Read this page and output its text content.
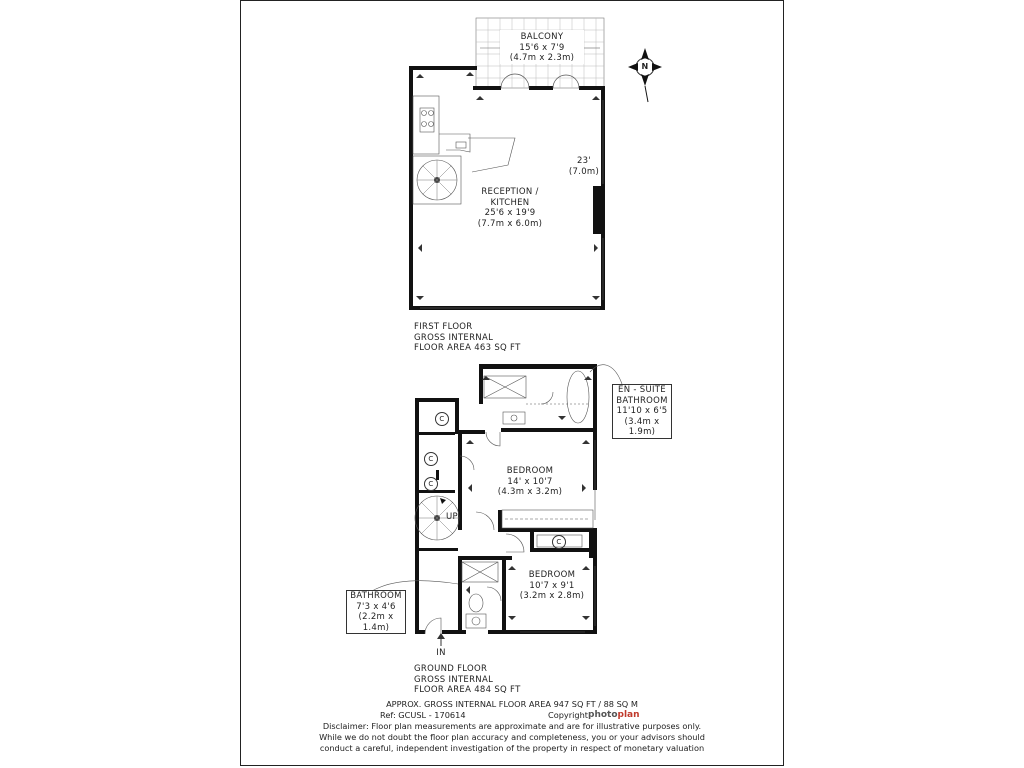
BALCONY
15'6 x 7'9
(4.7m x 2.3m)
N
23'
(7.0m)
RECEPTION /
KITCHEN
25'6 x 19'9
(7.7m x 6.0m)
FIRST FLOOR
GROSS INTERNAL
FLOOR AREA 463 SQ FT
EN - SUITE
BATHROOM
11'10 x 6'5
(3.4m x 1.9m)
BEDROOM
14' x 10'7
(4.3m x 3.2m)
BEDROOM
10'7 x 9'1
(3.2m x 2.8m)
BATHROOM
7'3 x 4'6
(2.2m x 1.4m)
C
C
C
C
UP
IN
GROUND FLOOR
GROSS INTERNAL
FLOOR AREA 484 SQ FT
APPROX. GROSS INTERNAL FLOOR AREA 947 SQ FT / 88 SQ M
Ref: GCUSL - 170614	Copyright photoplan
Disclaimer: Floor plan measurements are approximate and are for illustrative purposes only.
While we do not doubt the floor plan accuracy and completeness, you or your advisors should
conduct a careful, independent investigation of the property in respect of monetary valuation
